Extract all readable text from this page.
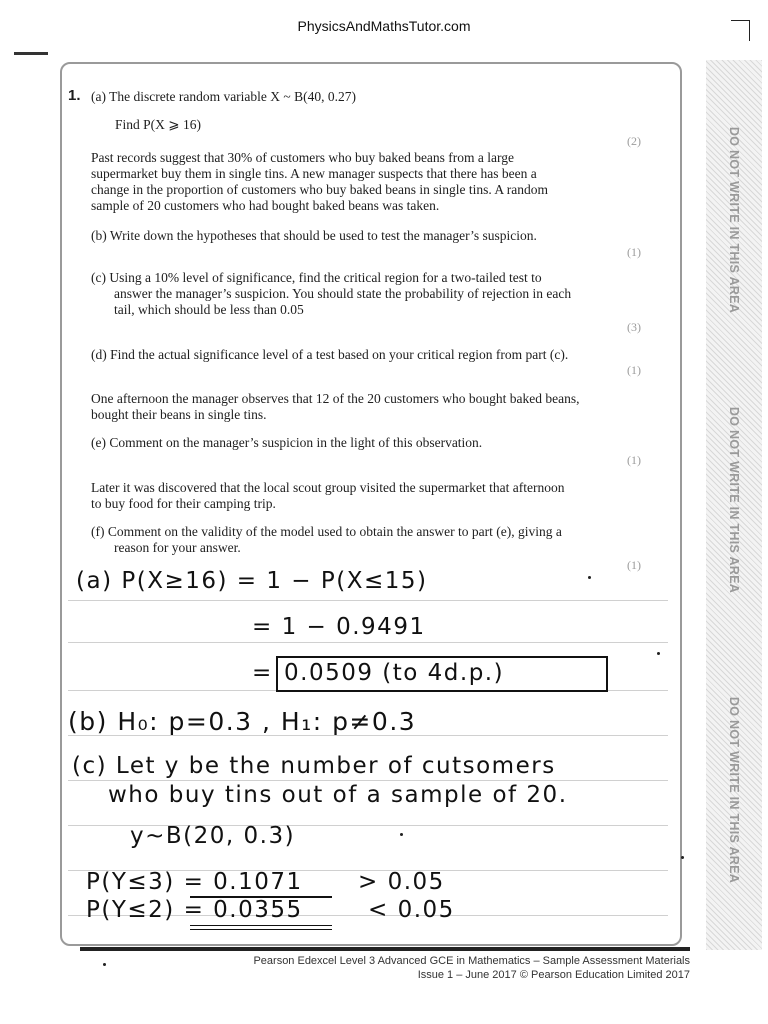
PhysicsAndMathsTutor.com
DO NOT WRITE IN THIS AREA
DO NOT WRITE IN THIS AREA
DO NOT WRITE IN THIS AREA
1. (a) The discrete random variable X ~ B(40, 0.27)
Find P(X ⩾ 16)
(2)
Past records suggest that 30% of customers who buy baked beans from a large
supermarket buy them in single tins. A new manager suspects that there has been a
change in the proportion of customers who buy baked beans in single tins. A random
sample of 20 customers who had bought baked beans was taken.
(b) Write down the hypotheses that should be used to test the manager’s suspicion.
(1)
(c) Using a 10% level of significance, find the critical region for a two-tailed test to
answer the manager’s suspicion. You should state the probability of rejection in each
tail, which should be less than 0.05
(3)
(d) Find the actual significance level of a test based on your critical region from part (c).
(1)
One afternoon the manager observes that 12 of the 20 customers who bought baked beans,
bought their beans in single tins.
(e) Comment on the manager’s suspicion in the light of this observation.
(1)
Later it was discovered that the local scout group visited the supermarket that afternoon
to buy food for their camping trip.
(f) Comment on the validity of the model used to obtain the answer to part (e), giving a
reason for your answer.
(1)
(a) P(X≥16) = 1 − P(X≤15)
= 1 − 0.9491
= 0.0509 (to 4d.p.)
(b) H₀: p=0.3 , H₁: p≠0.3
(c) Let y be the number of cutsomers
who buy tins out of a sample of 20.
y~B(20, 0.3)
P(Y≤3) = 0.1071 > 0.05
P(Y≤2) = 0.0355	< 0.05
Pearson Edexcel Level 3 Advanced GCE in Mathematics – Sample Assessment Materials
Issue 1 – June 2017 © Pearson Education Limited 2017
